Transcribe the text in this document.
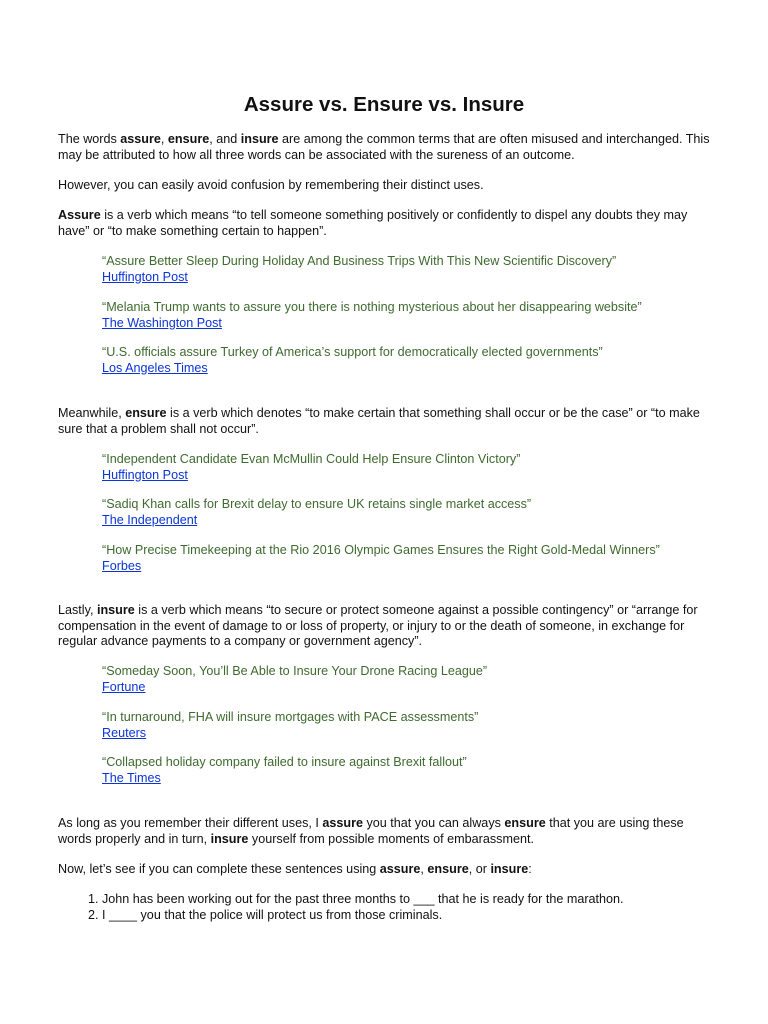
Assure vs. Ensure vs. Insure

The words assure, ensure, and insure are among the common terms that are often misused and interchanged. This may be attributed to how all three words can be associated with the sureness of an outcome.

However, you can easily avoid confusion by remembering their distinct uses.

Assure is a verb which means “to tell someone something positively or confidently to dispel any doubts they may have” or “to make something certain to happen”.

“Assure Better Sleep During Holiday And Business Trips With This New Scientific Discovery”
Huffington Post
“Melania Trump wants to assure you there is nothing mysterious about her disappearing website”
The Washington Post
“U.S. officials assure Turkey of America’s support for democratically elected governments”
Los Angeles Times

Meanwhile, ensure is a verb which denotes “to make certain that something shall occur or be the case” or “to make sure that a problem shall not occur”.

“Independent Candidate Evan McMullin Could Help Ensure Clinton Victory”
Huffington Post
“Sadiq Khan calls for Brexit delay to ensure UK retains single market access”
The Independent
“How Precise Timekeeping at the Rio 2016 Olympic Games Ensures the Right Gold-Medal Winners”
Forbes

Lastly, insure is a verb which means “to secure or protect someone against a possible contingency” or “arrange for compensation in the event of damage to or loss of property, or injury to or the death of someone, in exchange for regular advance payments to a company or government agency”.

“Someday Soon, You’ll Be Able to Insure Your Drone Racing League”
Fortune
“In turnaround, FHA will insure mortgages with PACE assessments”
Reuters
“Collapsed holiday company failed to insure against Brexit fallout”
The Times

As long as you remember their different uses, I assure you that you can always ensure that you are using these words properly and in turn, insure yourself from possible moments of embarassment.

Now, let’s see if you can complete these sentences using assure, ensure, or insure:

1. John has been working out for the past three months to ___ that he is ready for the marathon.
2. I ____ you that the police will protect us from those criminals.
